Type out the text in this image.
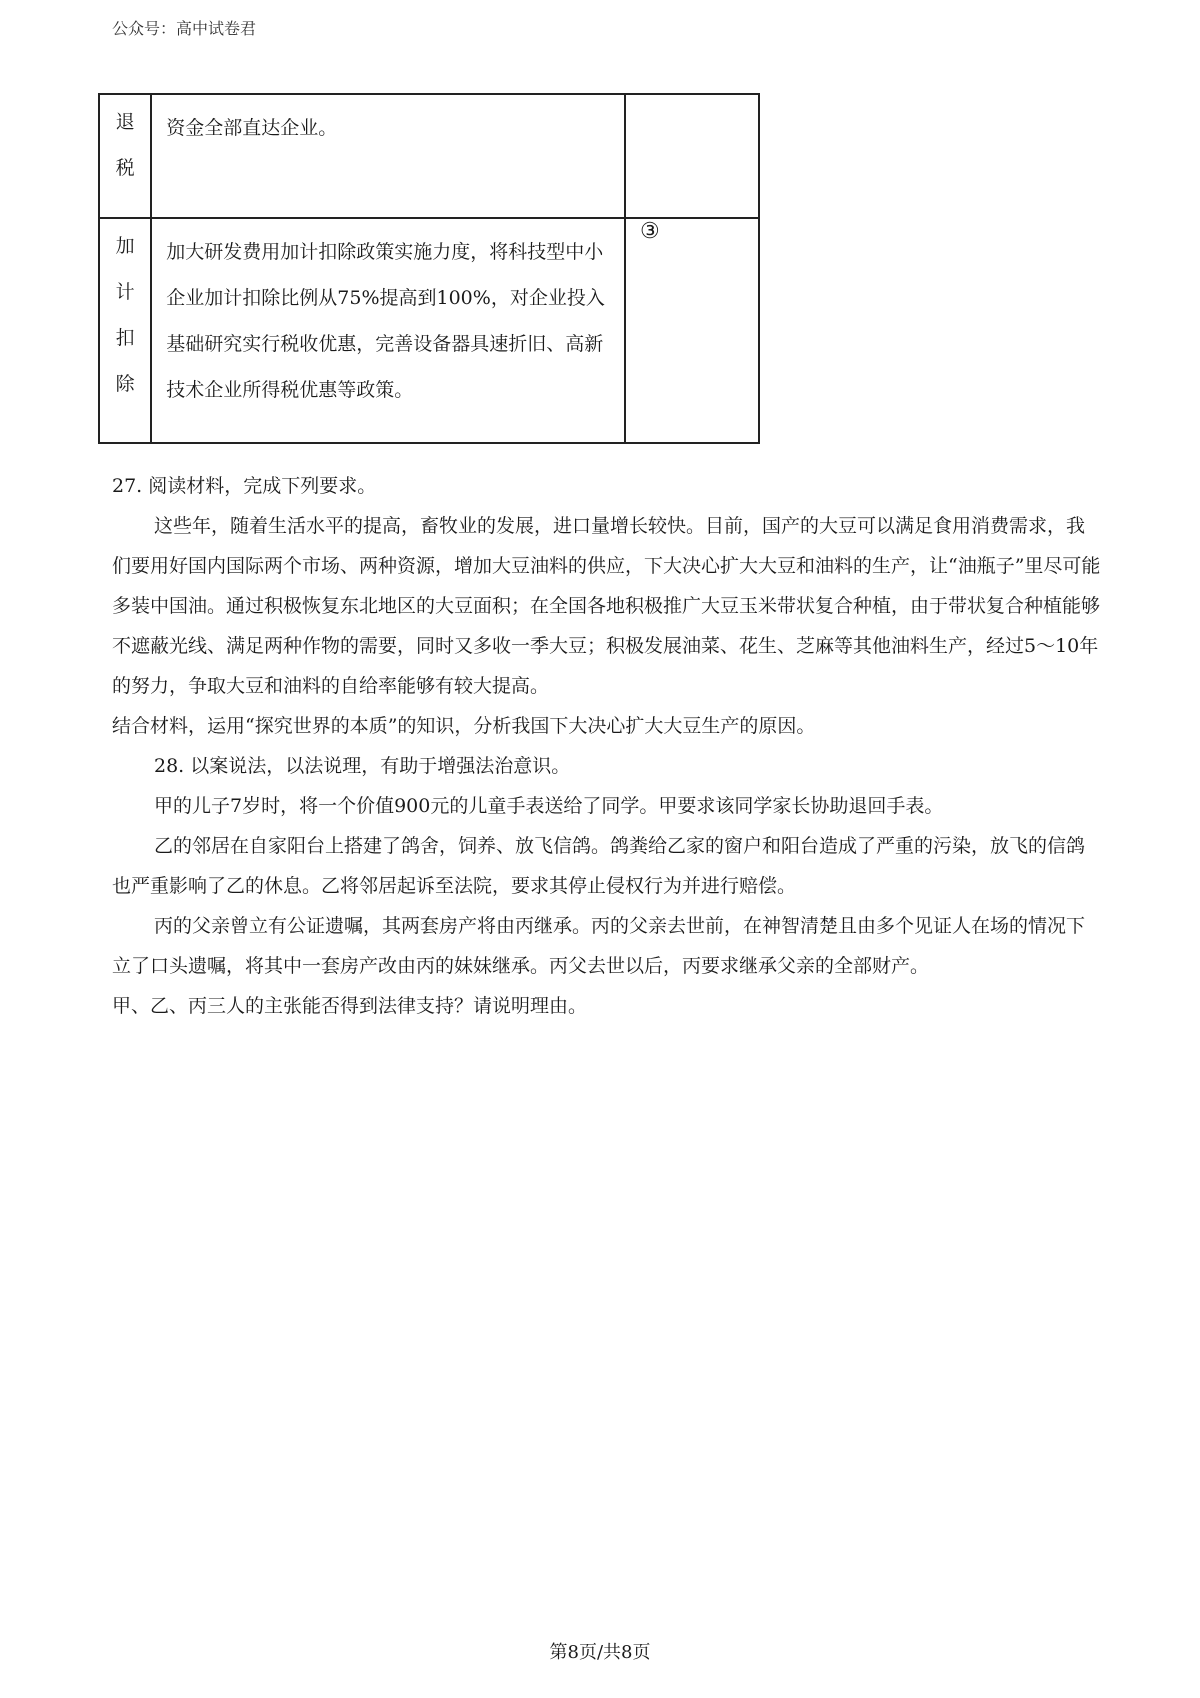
公众号：高中试卷君
退
税	资金全部直达企业。	

加
计
扣
除	加大研发费用加计扣除政策实施力度，将科技型中小企业加计扣除比例从75%提高到100%，对企业投入基础研究实行税收优惠，完善设备器具速折旧、高新技术企业所得税优惠等政策。	③

27. 阅读材料，完成下列要求。

这些年，随着生活水平的提高，畜牧业的发展，进口量增长较快。目前，国产的大豆可以满足食用消费需求，我们要用好国内国际两个市场、两种资源，增加大豆油料的供应，下大决心扩大大豆和油料的生产，让“油瓶子”里尽可能多装中国油。通过积极恢复东北地区的大豆面积；在全国各地积极推广大豆玉米带状复合种植，由于带状复合种植能够不遮蔽光线、满足两种作物的需要，同时又多收一季大豆；积极发展油菜、花生、芝麻等其他油料生产，经过5～10年的努力，争取大豆和油料的自给率能够有较大提高。

结合材料，运用“探究世界的本质”的知识，分析我国下大决心扩大大豆生产的原因。

28. 以案说法，以法说理，有助于增强法治意识。

甲的儿子7岁时，将一个价值900元的儿童手表送给了同学。甲要求该同学家长协助退回手表。

乙的邻居在自家阳台上搭建了鸽舍，饲养、放飞信鸽。鸽粪给乙家的窗户和阳台造成了严重的污染，放飞的信鸽也严重影响了乙的休息。乙将邻居起诉至法院，要求其停止侵权行为并进行赔偿。

丙的父亲曾立有公证遗嘱，其两套房产将由丙继承。丙的父亲去世前，在神智清楚且由多个见证人在场的情况下立了口头遗嘱，将其中一套房产改由丙的妹妹继承。丙父去世以后，丙要求继承父亲的全部财产。

甲、乙、丙三人的主张能否得到法律支持？请说明理由。

第8页/共8页
